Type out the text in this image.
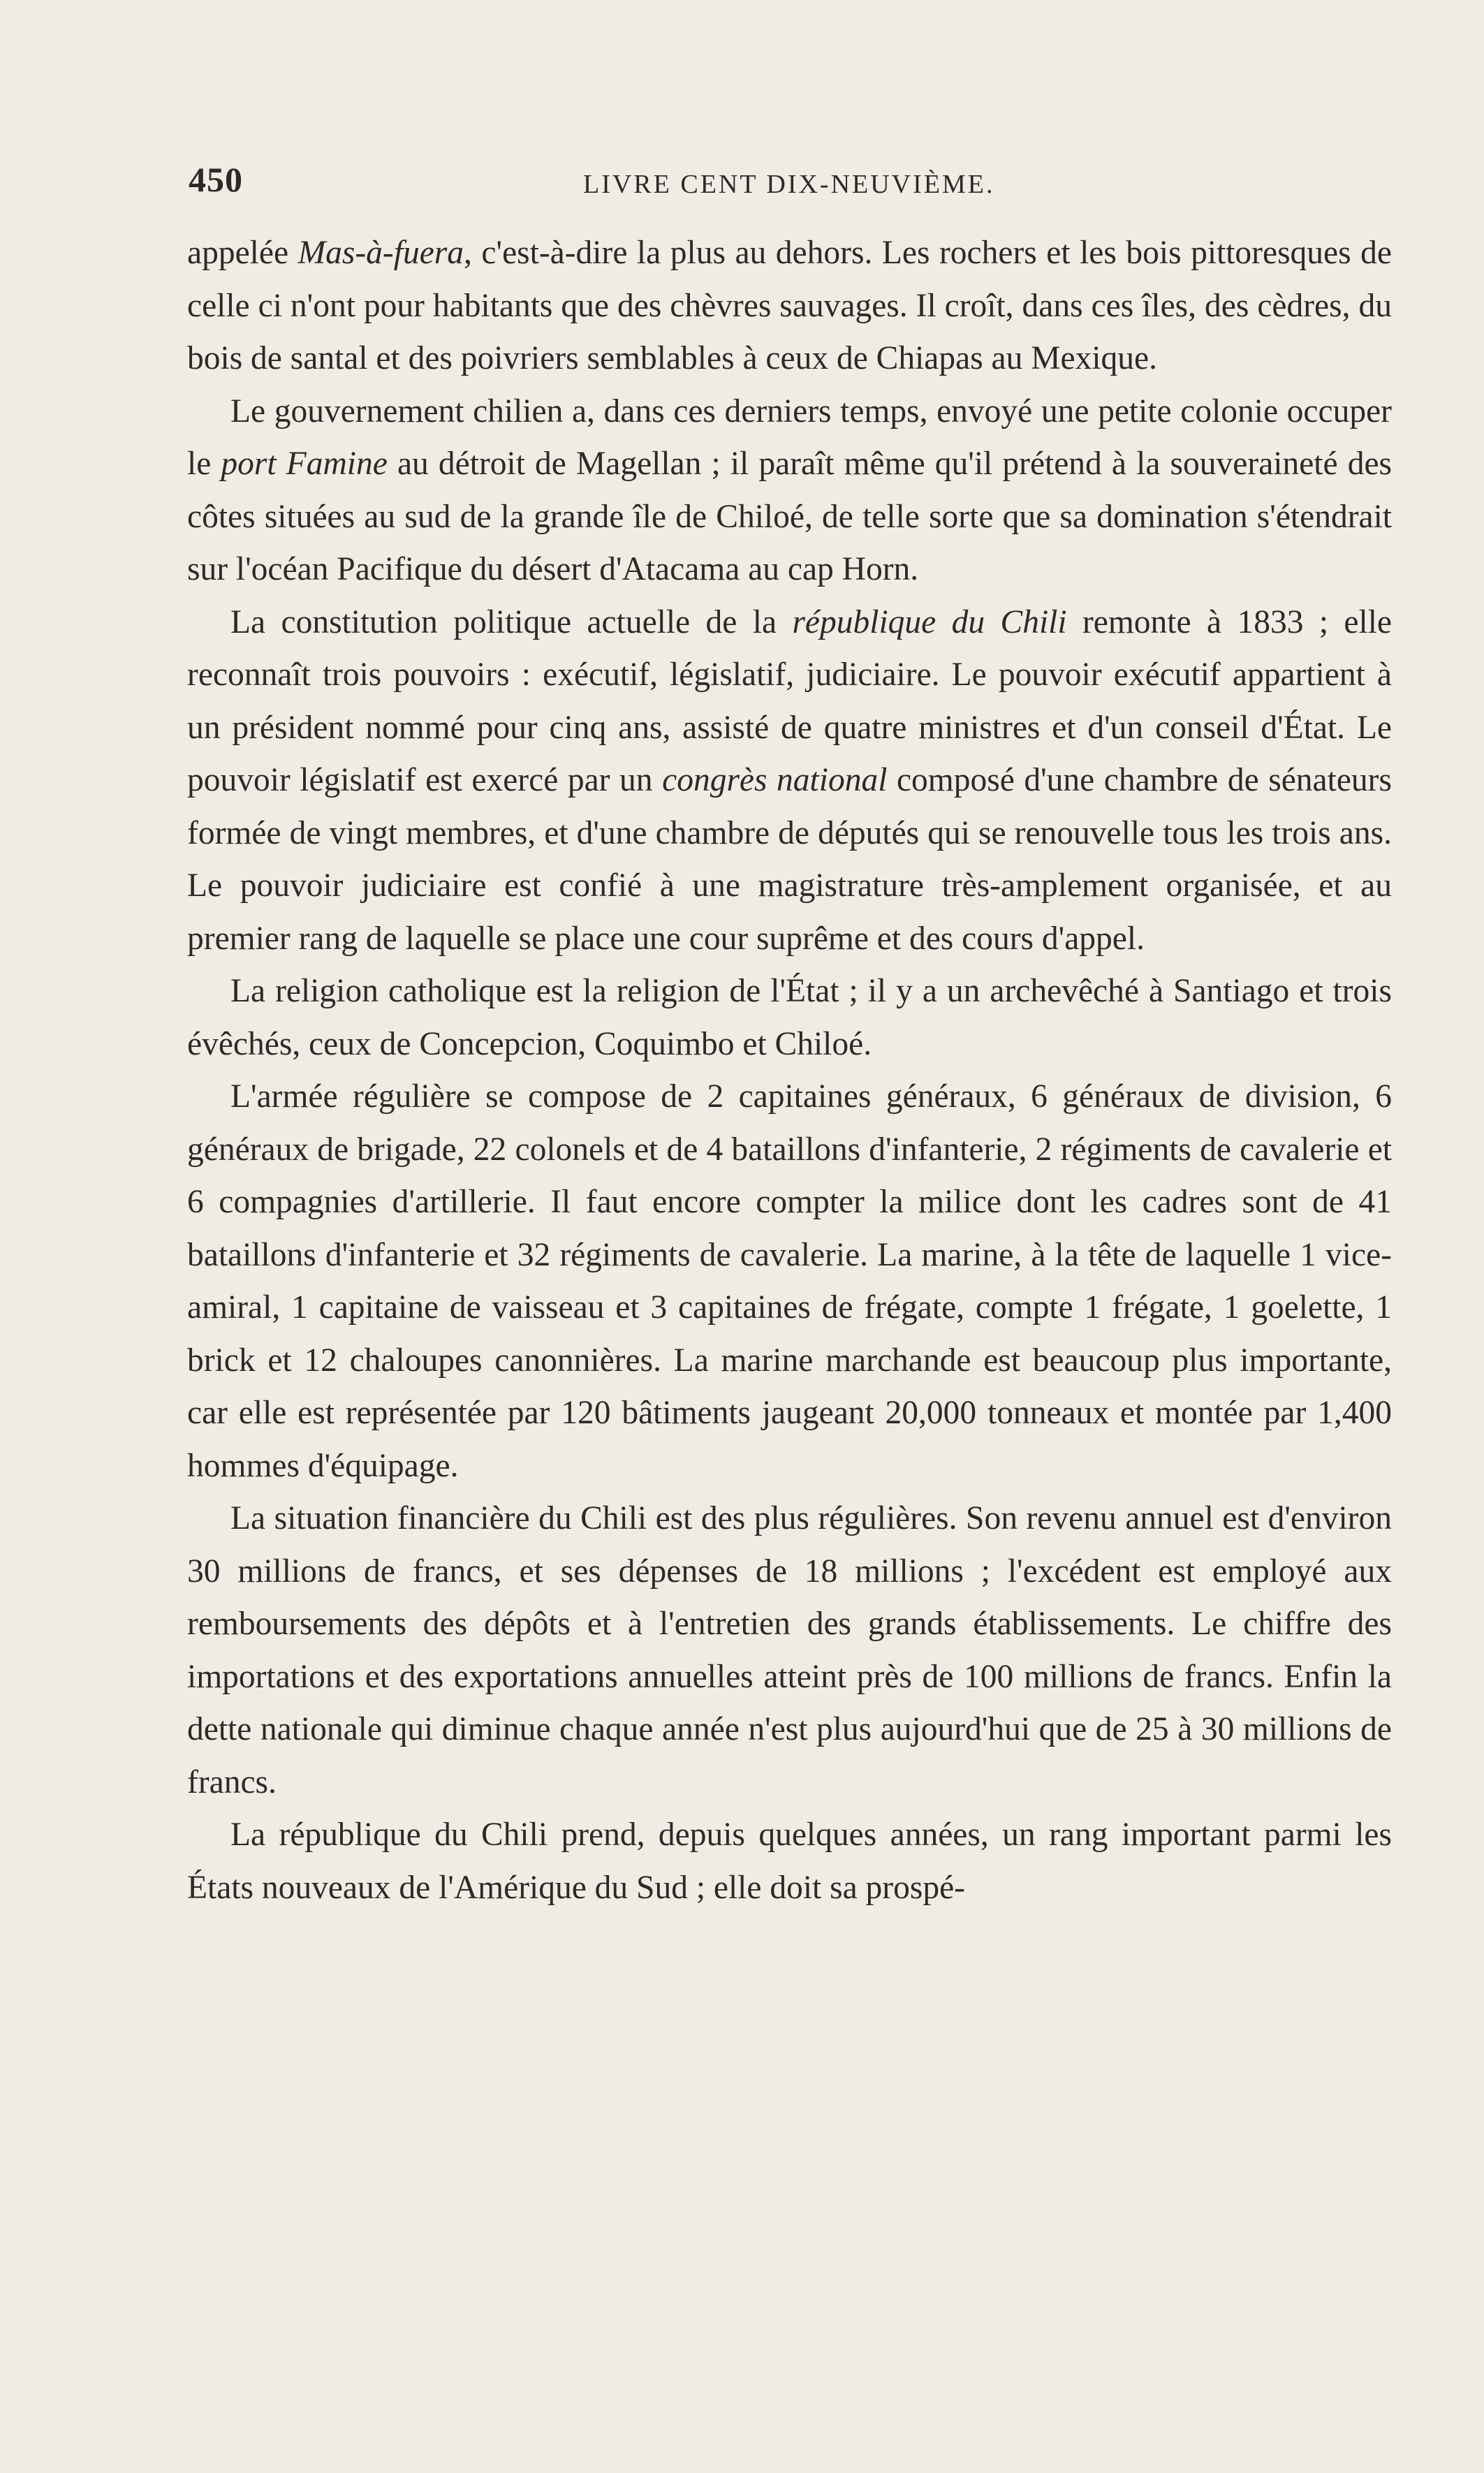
450	LIVRE CENT DIX-NEUVIÈME.

appelée Mas-à-fuera, c'est-à-dire la plus au dehors. Les rochers et les bois pittoresques de celle ci n'ont pour habitants que des chèvres sauvages. Il croît, dans ces îles, des cèdres, du bois de santal et des poivriers semblables à ceux de Chiapas au Mexique.

Le gouvernement chilien a, dans ces derniers temps, envoyé une petite colonie occuper le port Famine au détroit de Magellan ; il paraît même qu'il prétend à la souveraineté des côtes situées au sud de la grande île de Chiloé, de telle sorte que sa domination s'étendrait sur l'océan Pacifique du désert d'Atacama au cap Horn.

La constitution politique actuelle de la république du Chili remonte à 1833 ; elle reconnaît trois pouvoirs : exécutif, législatif, judiciaire. Le pouvoir exécutif appartient à un président nommé pour cinq ans, assisté de quatre ministres et d'un conseil d'État. Le pouvoir législatif est exercé par un congrès national composé d'une chambre de sénateurs formée de vingt membres, et d'une chambre de députés qui se renouvelle tous les trois ans. Le pouvoir judiciaire est confié à une magistrature très-amplement organisée, et au premier rang de laquelle se place une cour suprême et des cours d'appel.

La religion catholique est la religion de l'État ; il y a un archevêché à Santiago et trois évêchés, ceux de Concepcion, Coquimbo et Chiloé.

L'armée régulière se compose de 2 capitaines généraux, 6 généraux de division, 6 généraux de brigade, 22 colonels et de 4 bataillons d'infanterie, 2 régiments de cavalerie et 6 compagnies d'artillerie. Il faut encore compter la milice dont les cadres sont de 41 bataillons d'infanterie et 32 régiments de cavalerie. La marine, à la tête de laquelle 1 vice-amiral, 1 capitaine de vaisseau et 3 capitaines de frégate, compte 1 frégate, 1 goelette, 1 brick et 12 chaloupes canonnières. La marine marchande est beaucoup plus importante, car elle est représentée par 120 bâtiments jaugeant 20,000 tonneaux et montée par 1,400 hommes d'équipage.

La situation financière du Chili est des plus régulières. Son revenu annuel est d'environ 30 millions de francs, et ses dépenses de 18 millions ; l'excédent est employé aux remboursements des dépôts et à l'entretien des grands établissements. Le chiffre des importations et des exportations annuelles atteint près de 100 millions de francs. Enfin la dette nationale qui diminue chaque année n'est plus aujourd'hui que de 25 à 30 millions de francs.

La république du Chili prend, depuis quelques années, un rang important parmi les États nouveaux de l'Amérique du Sud ; elle doit sa prospé-
